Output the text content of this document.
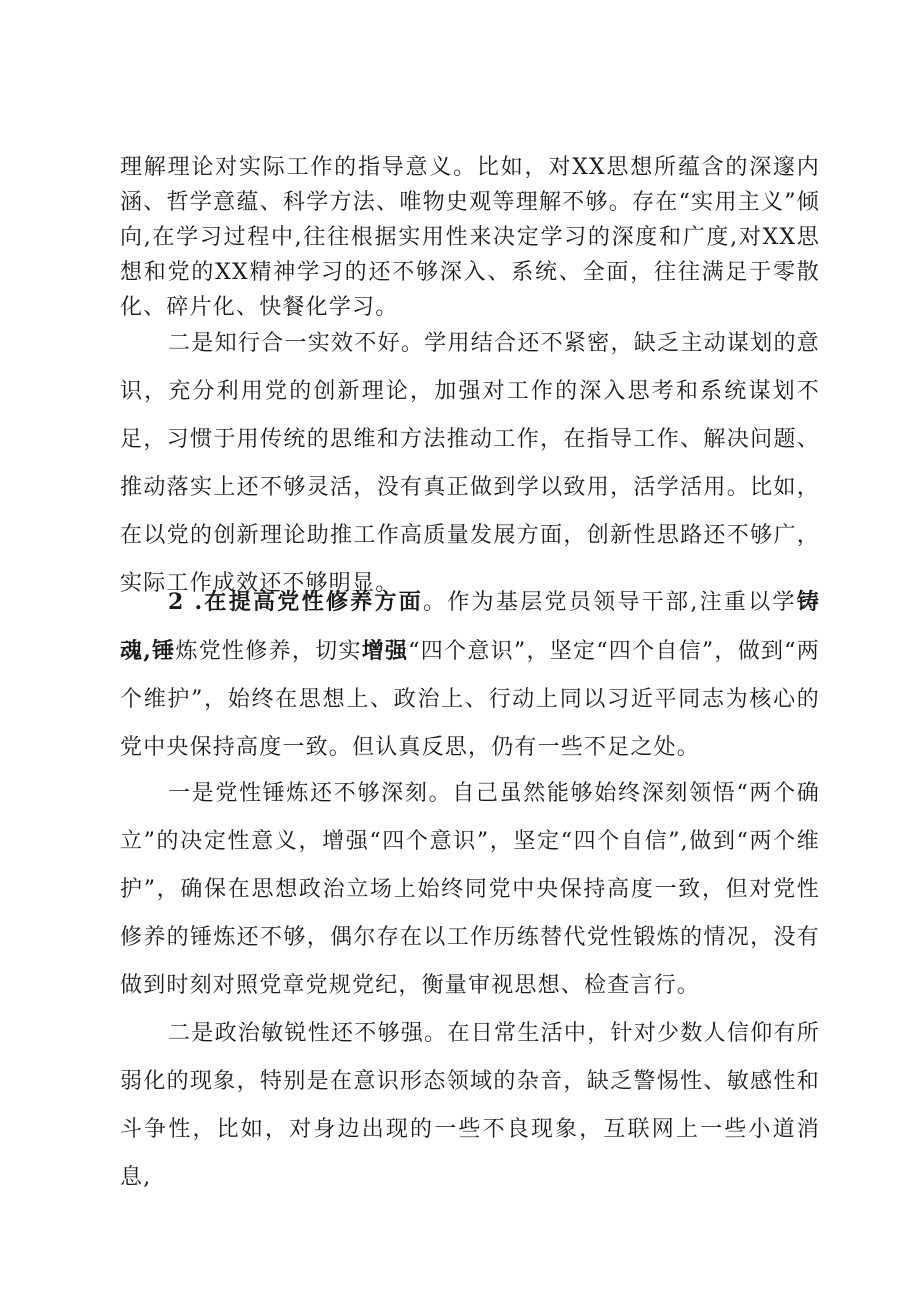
理解理论对实际工作的指导意义。比如，对XX思想所蕴含的深邃内涵、哲学意蕴、科学方法、唯物史观等理解不够。存在“实用主义”倾向,在学习过程中,往往根据实用性来决定学习的深度和广度,对XX思想和党的XX精神学习的还不够深入、系统、全面，往往满足于零散化、碎片化、快餐化学习。

二是知行合一实效不好。学用结合还不紧密，缺乏主动谋划的意识，充分利用党的创新理论，加强对工作的深入思考和系统谋划不足，习惯于用传统的思维和方法推动工作，在指导工作、解决问题、推动落实上还不够灵活，没有真正做到学以致用，活学活用。比如，在以党的创新理论助推工作高质量发展方面，创新性思路还不够广，实际工作成效还不够明显。

2 .在提高党性修养方面。作为基层党员领导干部,注重以学铸魂,锤炼党性修养，切实增强“四个意识”，坚定“四个自信”，做到“两个维护”，始终在思想上、政治上、行动上同以习近平同志为核心的党中央保持高度一致。但认真反思，仍有一些不足之处。

一是党性锤炼还不够深刻。自己虽然能够始终深刻领悟“两个确立”的决定性意义，增强“四个意识”，坚定“四个自信”,做到“两个维护”，确保在思想政治立场上始终同党中央保持高度一致，但对党性修养的锤炼还不够，偶尔存在以工作历练替代党性锻炼的情况，没有做到时刻对照党章党规党纪，衡量审视思想、检查言行。

二是政治敏锐性还不够强。在日常生活中，针对少数人信仰有所弱化的现象，特别是在意识形态领域的杂音，缺乏警惕性、敏感性和斗争性，比如，对身边出现的一些不良现象，互联网上一些小道消息,
